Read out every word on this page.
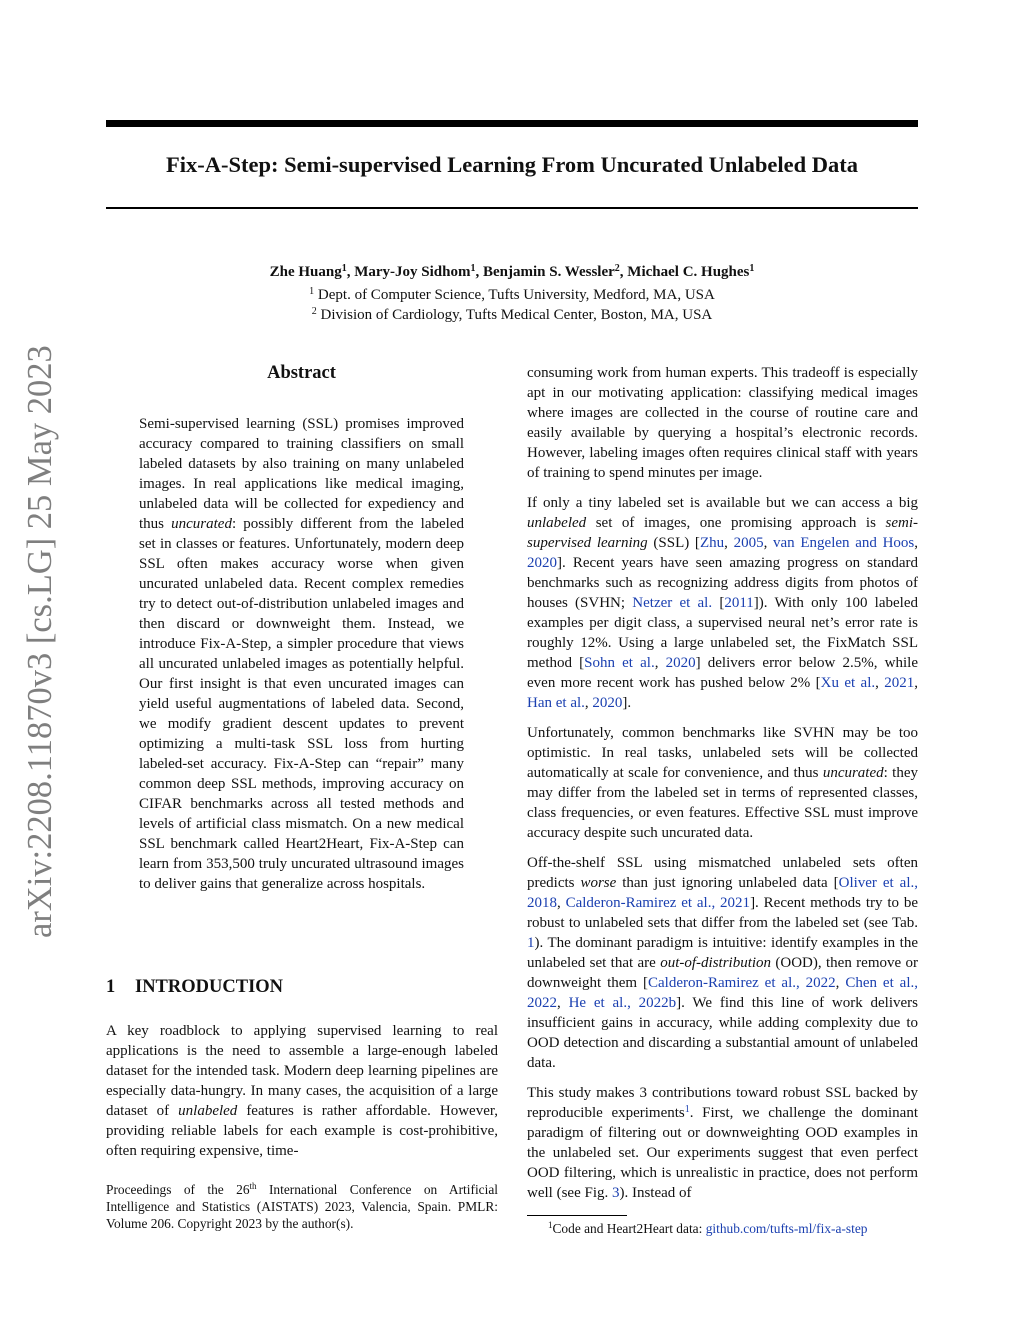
Fix-A-Step: Semi-supervised Learning From Uncurated Unlabeled Data
Zhe Huang$^1$, Mary-Joy Sidhom$^1$, Benjamin S. Wessler$^2$, Michael C. Hughes$^1$
$^1$ Dept. of Computer Science, Tufts University, Medford, MA, USA
$^2$ Division of Cardiology, Tufts Medical Center, Boston, MA, USA
arXiv:2208.11870v3 [cs.LG] 25 May 2023	Abstract
Semi-supervised learning (SSL) promises improved accuracy compared to training classifiers on small labeled datasets by also training on many unlabeled images. In real applications like medical imaging, unlabeled data will be collected for expediency and thus uncurated: possibly different from the labeled set in classes or features. Unfortunately, modern deep SSL often makes accuracy worse when given uncurated unlabeled data. Recent complex remedies try to detect out-of-distribution unlabeled images and then discard or downweight them. Instead, we introduce Fix-A-Step, a simpler procedure that views all uncurated unlabeled images as potentially helpful. Our first insight is that even uncurated images can yield useful augmentations of labeled data. Second, we modify gradient descent updates to prevent optimizing a multi-task SSL loss from hurting labeled-set accuracy. Fix-A-Step can “repair” many common deep SSL methods, improving accuracy on CIFAR benchmarks across all tested methods and levels of artificial class mismatch. On a new medical SSL benchmark called Heart2Heart, Fix-A-Step can learn from 353,500 truly uncurated ultrasound images to deliver gains that generalize across hospitals.
1 INTRODUCTION

A key roadblock to applying supervised learning to real applications is the need to assemble a large-enough labeled dataset for the intended task. Modern deep learning pipelines are especially data-hungry. In many cases, the acquisition of a large dataset of unlabeled features is rather affordable. However, providing reliable labels for each example is cost-prohibitive, often requiring expensive, time-

Proceedings of the 26th International Conference on Artificial Intelligence and Statistics (AISTATS) 2023, Valencia, Spain. PMLR: Volume 206. Copyright 2023 by the author(s).

consuming work from human experts. This tradeoff is especially apt in our motivating application: classifying medical images where images are collected in the course of routine care and easily available by querying a hospital’s electronic records. However, labeling images often requires clinical staff with years of training to spend minutes per image.

If only a tiny labeled set is available but we can access a big unlabeled set of images, one promising approach is semi-supervised learning (SSL) [Zhu, 2005, van Engelen and Hoos, 2020]. Recent years have seen amazing progress on standard benchmarks such as recognizing address digits from photos of houses (SVHN; Netzer et al. [2011]). With only 100 labeled examples per digit class, a supervised neural net’s error rate is roughly 12%. Using a large unlabeled set, the FixMatch SSL method [Sohn et al., 2020] delivers error below 2.5%, while even more recent work has pushed below 2% [Xu et al., 2021, Han et al., 2020].

Unfortunately, common benchmarks like SVHN may be too optimistic. In real tasks, unlabeled sets will be collected automatically at scale for convenience, and thus uncurated: they may differ from the labeled set in terms of represented classes, class frequencies, or even features. Effective SSL must improve accuracy despite such uncurated data.

Off-the-shelf SSL using mismatched unlabeled sets often predicts worse than just ignoring unlabeled data [Oliver et al., 2018, Calderon-Ramirez et al., 2021]. Recent methods try to be robust to unlabeled sets that differ from the labeled set (see Tab. 1). The dominant paradigm is intuitive: identify examples in the unlabeled set that are out-of-distribution (OOD), then remove or downweight them [Calderon-Ramirez et al., 2022, Chen et al., 2022, He et al., 2022b]. We find this line of work delivers insufficient gains in accuracy, while adding complexity due to OOD detection and discarding a substantial amount of unlabeled data.

This study makes 3 contributions toward robust SSL backed by reproducible experiments$^1$. First, we challenge the dominant paradigm of filtering out or downweighting OOD examples in the unlabeled set. Our experiments suggest that even perfect OOD filtering, which is unrealistic in practice, does not perform well (see Fig. 3). Instead of

$^1$Code and Heart2Heart data: github.com/tufts-ml/fix-a-step
